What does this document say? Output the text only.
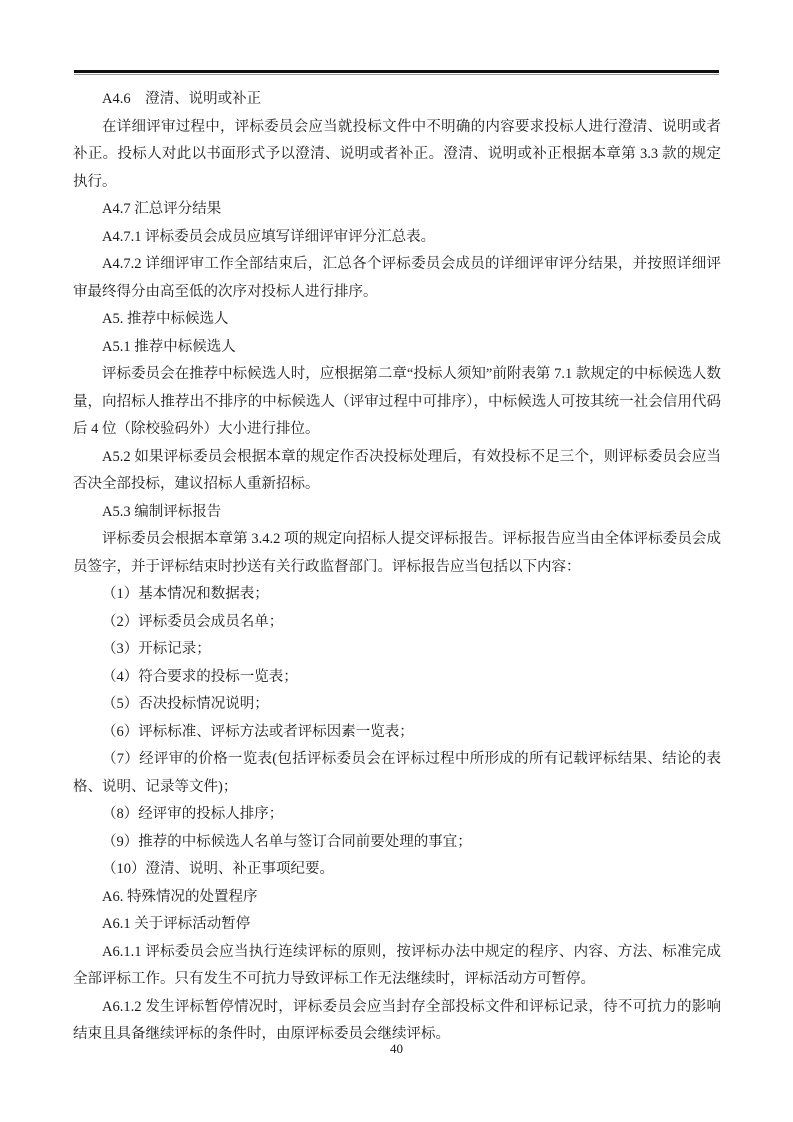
A4.6　澄清、说明或补正

在详细评审过程中，评标委员会应当就投标文件中不明确的内容要求投标人进行澄清、说明或者补正。投标人对此以书面形式予以澄清、说明或者补正。澄清、说明或补正根据本章第 3.3 款的规定执行。

A4.7 汇总评分结果

A4.7.1 评标委员会成员应填写详细评审评分汇总表。

A4.7.2 详细评审工作全部结束后，汇总各个评标委员会成员的详细评审评分结果，并按照详细评审最终得分由高至低的次序对投标人进行排序。

A5. 推荐中标候选人

A5.1 推荐中标候选人

评标委员会在推荐中标候选人时，应根据第二章“投标人须知”前附表第 7.1 款规定的中标候选人数量，向招标人推荐出不排序的中标候选人（评审过程中可排序），中标候选人可按其统一社会信用代码后 4 位（除校验码外）大小进行排位。

A5.2 如果评标委员会根据本章的规定作否决投标处理后，有效投标不足三个，则评标委员会应当否决全部投标，建议招标人重新招标。

A5.3 编制评标报告

评标委员会根据本章第 3.4.2 项的规定向招标人提交评标报告。评标报告应当由全体评标委员会成员签字，并于评标结束时抄送有关行政监督部门。评标报告应当包括以下内容：

（1）基本情况和数据表；

（2）评标委员会成员名单；

（3）开标记录；

（4）符合要求的投标一览表；

（5）否决投标情况说明；

（6）评标标准、评标方法或者评标因素一览表；

（7）经评审的价格一览表(包括评标委员会在评标过程中所形成的所有记载评标结果、结论的表格、说明、记录等文件)；

（8）经评审的投标人排序；

（9）推荐的中标候选人名单与签订合同前要处理的事宜；

（10）澄清、说明、补正事项纪要。

A6. 特殊情况的处置程序

A6.1 关于评标活动暂停

A6.1.1 评标委员会应当执行连续评标的原则，按评标办法中规定的程序、内容、方法、标准完成全部评标工作。只有发生不可抗力导致评标工作无法继续时，评标活动方可暂停。

A6.1.2 发生评标暂停情况时，评标委员会应当封存全部投标文件和评标记录，待不可抗力的影响结束且具备继续评标的条件时，由原评标委员会继续评标。

40
